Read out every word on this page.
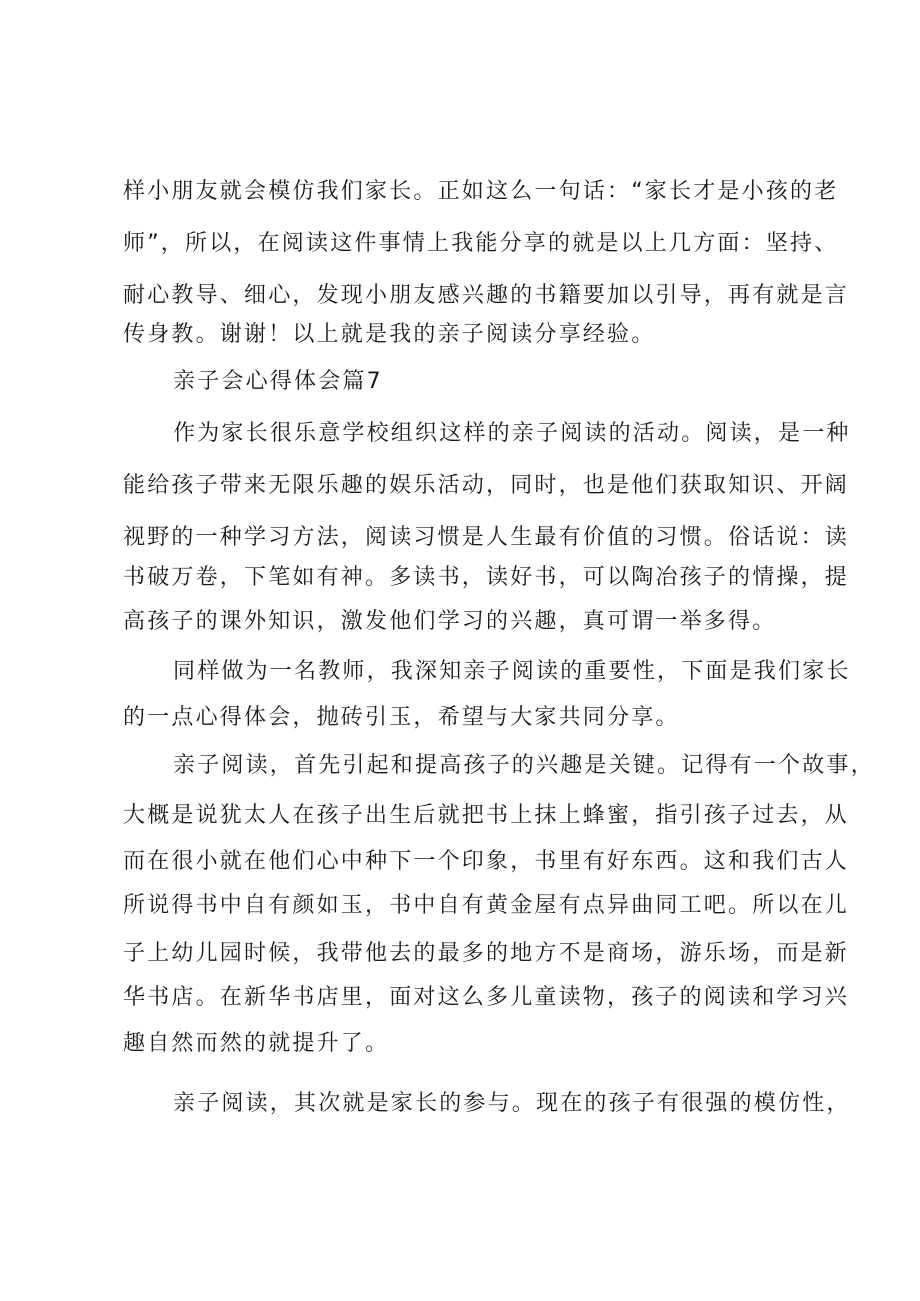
样小朋友就会模仿我们家长。正如这么一句话：“家长才是小孩的老
师”，所以，在阅读这件事情上我能分享的就是以上几方面：坚持、
耐心教导、细心，发现小朋友感兴趣的书籍要加以引导，再有就是言
传身教。谢谢！以上就是我的亲子阅读分享经验。
亲子会心得体会篇7
作为家长很乐意学校组织这样的亲子阅读的活动。阅读，是一种
能给孩子带来无限乐趣的娱乐活动，同时，也是他们获取知识、开阔
视野的一种学习方法，阅读习惯是人生最有价值的习惯。俗话说：读
书破万卷，下笔如有神。多读书，读好书，可以陶冶孩子的情操，提
高孩子的课外知识，激发他们学习的兴趣，真可谓一举多得。
同样做为一名教师，我深知亲子阅读的重要性，下面是我们家长
的一点心得体会，抛砖引玉，希望与大家共同分享。
亲子阅读，首先引起和提高孩子的兴趣是关键。记得有一个故事，
大概是说犹太人在孩子出生后就把书上抹上蜂蜜，指引孩子过去，从
而在很小就在他们心中种下一个印象，书里有好东西。这和我们古人
所说得书中自有颜如玉，书中自有黄金屋有点异曲同工吧。所以在儿
子上幼儿园时候，我带他去的最多的地方不是商场，游乐场，而是新
华书店。在新华书店里，面对这么多儿童读物，孩子的阅读和学习兴
趣自然而然的就提升了。
亲子阅读，其次就是家长的参与。现在的孩子有很强的模仿性，
